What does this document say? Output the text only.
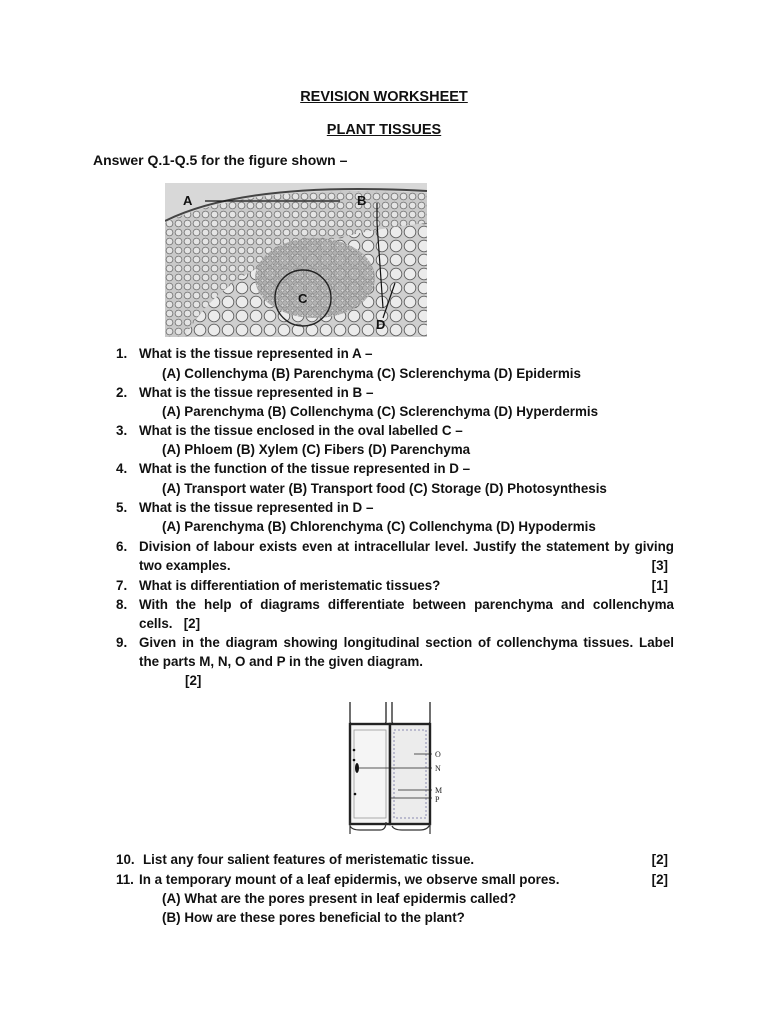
REVISION WORKSHEET
PLANT TISSUES
Answer Q.1-Q.5 for the figure shown –
A	B
C
D
1. What is the tissue represented in A –
(A) Collenchyma (B) Parenchyma (C) Sclerenchyma (D) Epidermis
2. What is the tissue represented in B –
(A) Parenchyma (B) Collenchyma (C) Sclerenchyma (D) Hyperdermis
3. What is the tissue enclosed in the oval labelled C –
(A) Phloem (B) Xylem (C) Fibers (D) Parenchyma
4. What is the function of the tissue represented in D –
(A) Transport water (B) Transport food (C) Storage (D) Photosynthesis
5. What is the tissue represented in D –
(A) Parenchyma (B) Chlorenchyma (C) Collenchyma (D) Hypodermis
6. Division of labour exists even at intracellular level. Justify the statement by giving
two examples.	[3]
7. What is differentiation of meristematic tissues?	[1]
8. With the help of diagrams differentiate between parenchyma and collenchyma
cells. [2]
9. Given in the diagram showing longitudinal section of collenchyma tissues. Label
the parts M, N, O and P in the given diagram.
[2]
O
N
M
P
10. List any four salient features of meristematic tissue.	[2]
11. In a temporary mount of a leaf epidermis, we observe small pores.	[2]
(A) What are the pores present in leaf epidermis called?
(B) How are these pores beneficial to the plant?
